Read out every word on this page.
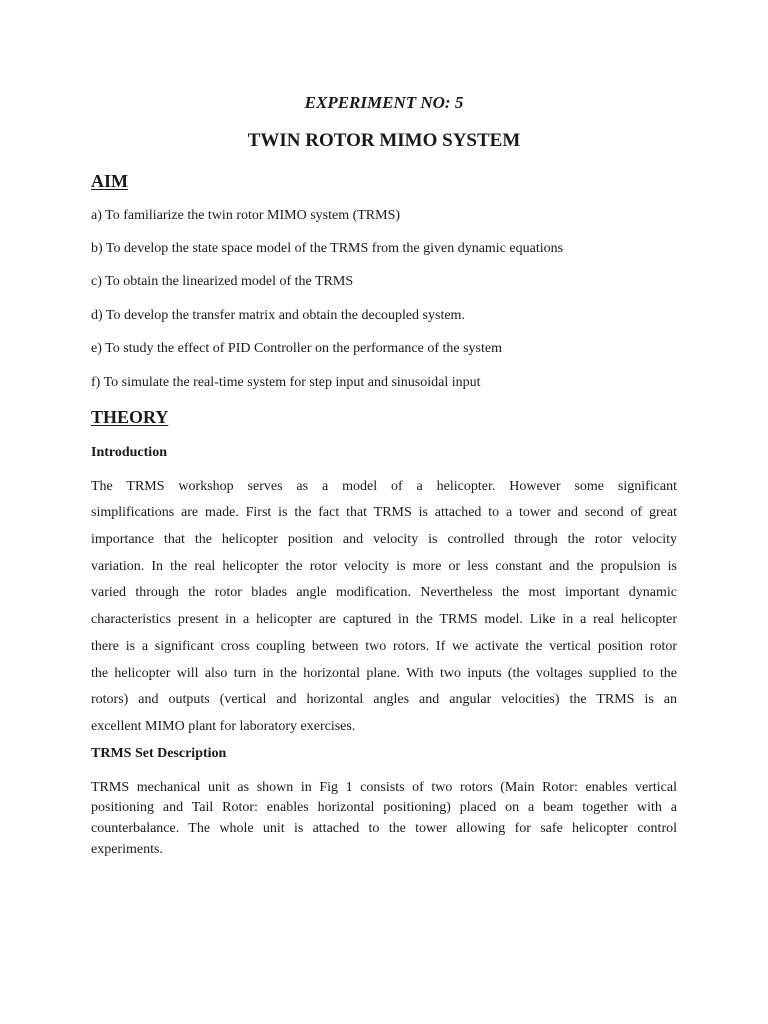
EXPERIMENT NO: 5
TWIN ROTOR MIMO SYSTEM
AIM
a) To familiarize the twin rotor MIMO system (TRMS)
b) To develop the state space model of the TRMS from the given dynamic equations
c) To obtain the linearized model of the TRMS
d) To develop the transfer matrix and obtain the decoupled system.
e) To study the effect of PID Controller on the performance of the system
f) To simulate the real-time system for step input and sinusoidal input
THEORY
Introduction
The TRMS workshop serves as a model of a helicopter. However some significant
simplifications are made. First is the fact that TRMS is attached to a tower and second of great
importance that the helicopter position and velocity is controlled through the rotor velocity
variation. In the real helicopter the rotor velocity is more or less constant and the propulsion is
varied through the rotor blades angle modification. Nevertheless the most important dynamic
characteristics present in a helicopter are captured in the TRMS model. Like in a real helicopter
there is a significant cross coupling between two rotors. If we activate the vertical position rotor
the helicopter will also turn in the horizontal plane. With two inputs (the voltages supplied to the
rotors) and outputs (vertical and horizontal angles and angular velocities) the TRMS is an
excellent MIMO plant for laboratory exercises.
TRMS Set Description
TRMS mechanical unit as shown in Fig 1 consists of two rotors (Main Rotor: enables vertical
positioning and Tail Rotor: enables horizontal positioning) placed on a beam together with a
counterbalance. The whole unit is attached to the tower allowing for safe helicopter control
experiments.
